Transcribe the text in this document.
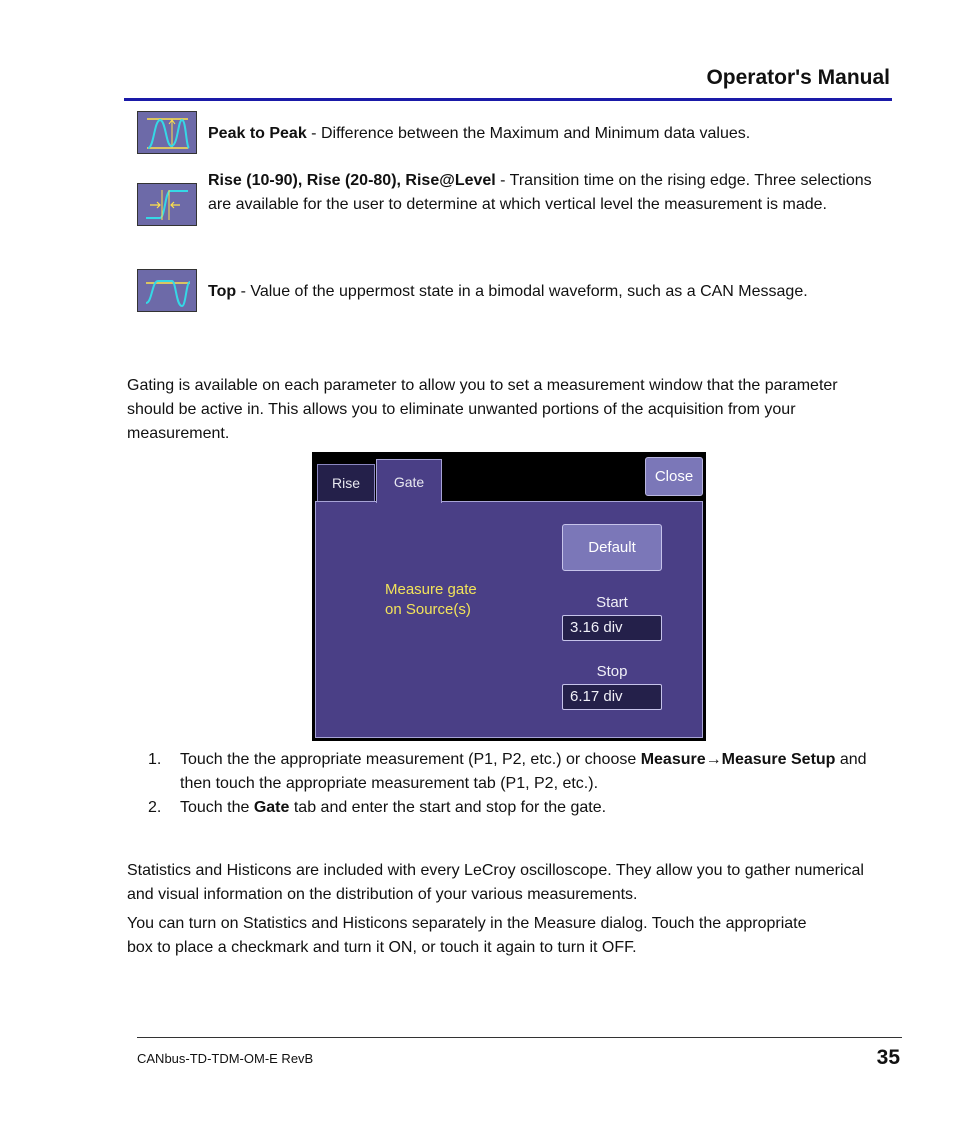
Operator's Manual
Peak to Peak - Difference between the Maximum and Minimum data values.
Rise (10-90), Rise (20-80), Rise@Level - Transition time on the rising edge. Three selections are available for the user to determine at which vertical level the measurement is made.
Top - Value of the uppermost state in a bimodal waveform, such as a CAN Message.
Gating is available on each parameter to allow you to set a measurement window that the parameter should be active in. This allows you to eliminate unwanted portions of the acquisition from your measurement.
Rise	Gate	Close
Default
Measure gate
on Source(s)	Start
3.16 div
Stop
6.17 div
1. Touch the the appropriate measurement (P1, P2, etc.) or choose Measure→Measure Setup and then touch the appropriate measurement tab (P1, P2, etc.).
2. Touch the Gate tab and enter the start and stop for the gate.
Statistics and Histicons are included with every LeCroy oscilloscope. They allow you to gather numerical and visual information on the distribution of your various measurements.
You can turn on Statistics and Histicons separately in the Measure dialog. Touch the appropriate box to place a checkmark and turn it ON, or touch it again to turn it OFF.
CANbus-TD-TDM-OM-E RevB	35
